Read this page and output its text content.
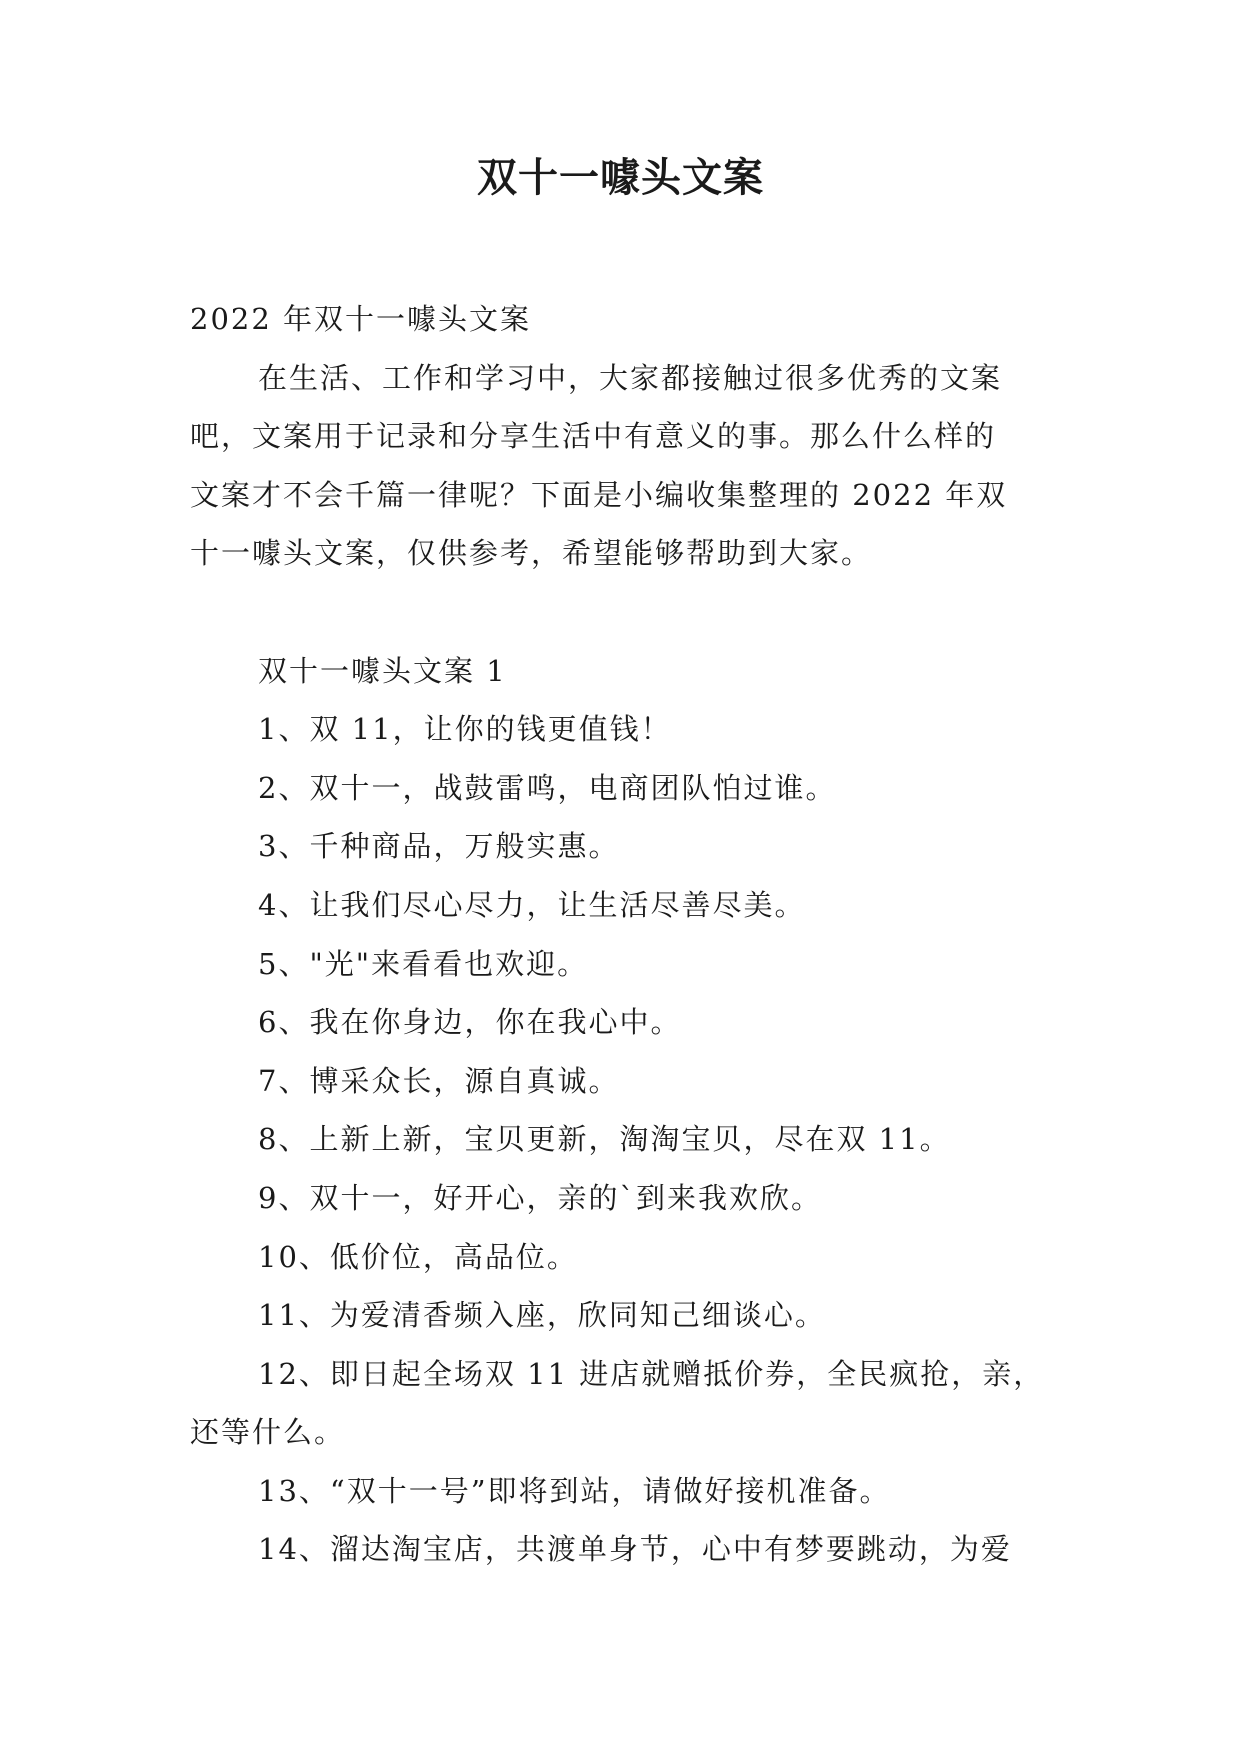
双十一噱头文案
2022 年双十一噱头文案
在生活、工作和学习中，大家都接触过很多优秀的文案
吧，文案用于记录和分享生活中有意义的事。那么什么样的
文案才不会千篇一律呢？下面是小编收集整理的 2022 年双
十一噱头文案，仅供参考，希望能够帮助到大家。
双十一噱头文案 1
1、双 11，让你的钱更值钱！
2、双十一，战鼓雷鸣，电商团队怕过谁。
3、千种商品，万般实惠。
4、让我们尽心尽力，让生活尽善尽美。
5、"光"来看看也欢迎。
6、我在你身边，你在我心中。
7、博采众长，源自真诚。
8、上新上新，宝贝更新，淘淘宝贝，尽在双 11。
9、双十一，好开心，亲的`到来我欢欣。
10、低价位，高品位。
11、为爱清香频入座，欣同知己细谈心。
12、即日起全场双 11 进店就赠抵价券，全民疯抢，亲，
还等什么。
13、“双十一号”即将到站，请做好接机准备。
14、溜达淘宝店，共渡单身节，心中有梦要跳动，为爱
